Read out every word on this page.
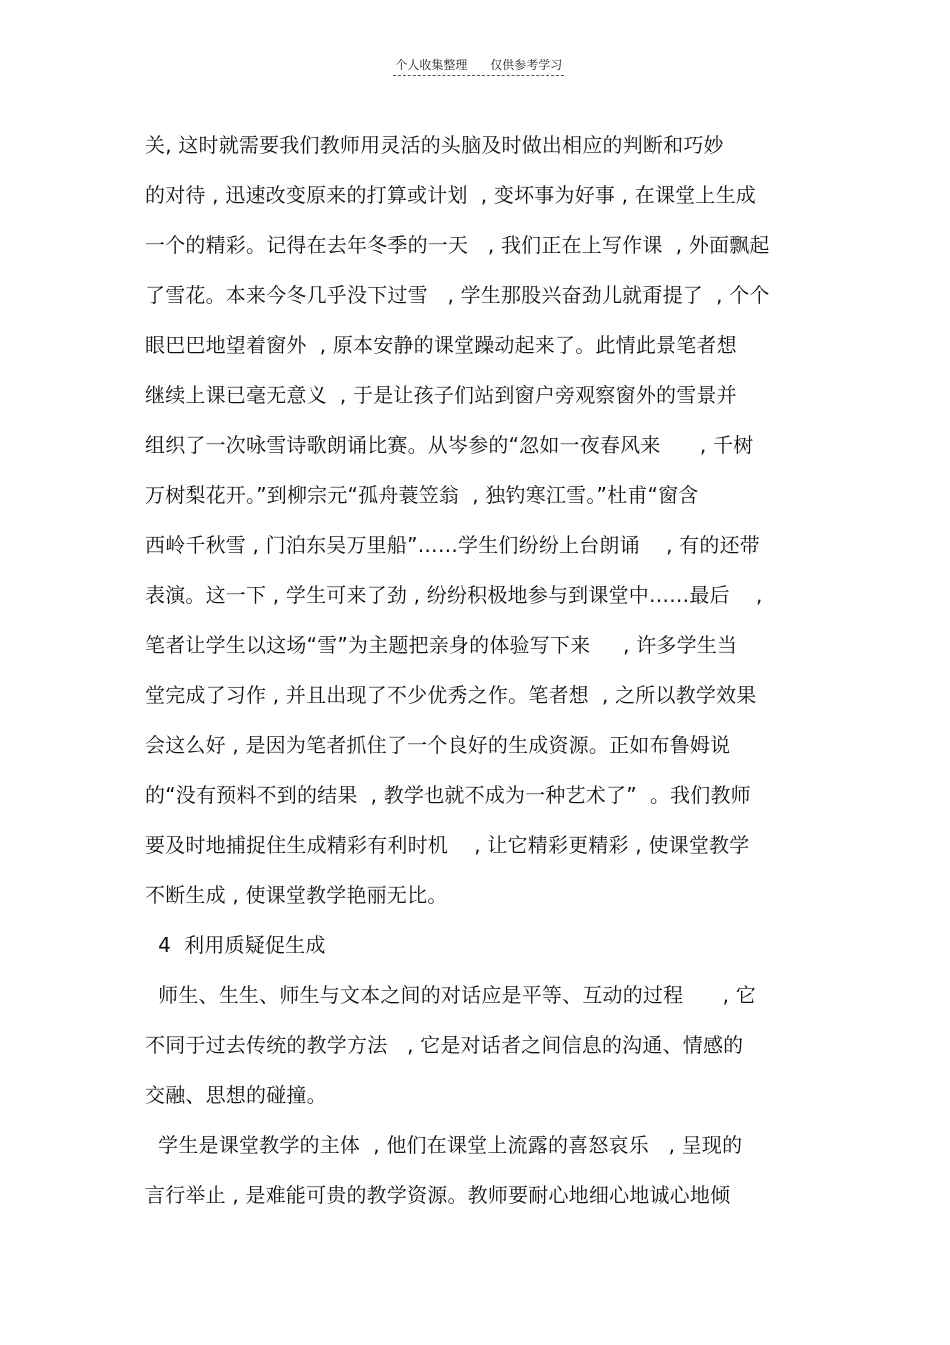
个人收集整理      仅供参考学习

关, 这时就需要我们教师用灵活的头脑及时做出相应的判断和巧妙
的对待 , 迅速改变原来的打算或计划  , 变坏事为好事 , 在课堂上生成
一个的精彩。记得在去年冬季的一天   , 我们正在上写作课  , 外面飘起
了雪花。本来今冬几乎没下过雪   , 学生那股兴奋劲儿就甭提了  , 个个
眼巴巴地望着窗外  , 原本安静的课堂躁动起来了。此情此景笔者想
继续上课已毫无意义  , 于是让孩子们站到窗户旁观察窗外的雪景并
组织了一次咏雪诗歌朗诵比赛。从岑参的“忽如一夜春风来      , 千树
万树梨花开。”到柳宗元“孤舟蓑笠翁  , 独钓寒江雪。”杜甫“窗含
西岭千秋雪 , 门泊东吴万里船”……学生们纷纷上台朗诵    , 有的还带
表演。这一下 , 学生可来了劲 , 纷纷积极地参与到课堂中……最后    ,
笔者让学生以这场“雪”为主题把亲身的体验写下来     , 许多学生当
堂完成了习作 , 并且出现了不少优秀之作。笔者想  , 之所以教学效果
会这么好 , 是因为笔者抓住了一个良好的生成资源。正如布鲁姆说
的“没有预料不到的结果  , 教学也就不成为一种艺术了”  。我们教师
要及时地捕捉住生成精彩有利时机    , 让它精彩更精彩 , 使课堂教学
不断生成 , 使课堂教学艳丽无比。
4  利用质疑促生成
师生、生生、师生与文本之间的对话应是平等、互动的过程      , 它
不同于过去传统的教学方法   , 它是对话者之间信息的沟通、情感的
交融、思想的碰撞。
学生是课堂教学的主体  , 他们在课堂上流露的喜怒哀乐   , 呈现的
言行举止 , 是难能可贵的教学资源。教师要耐心地细心地诚心地倾
